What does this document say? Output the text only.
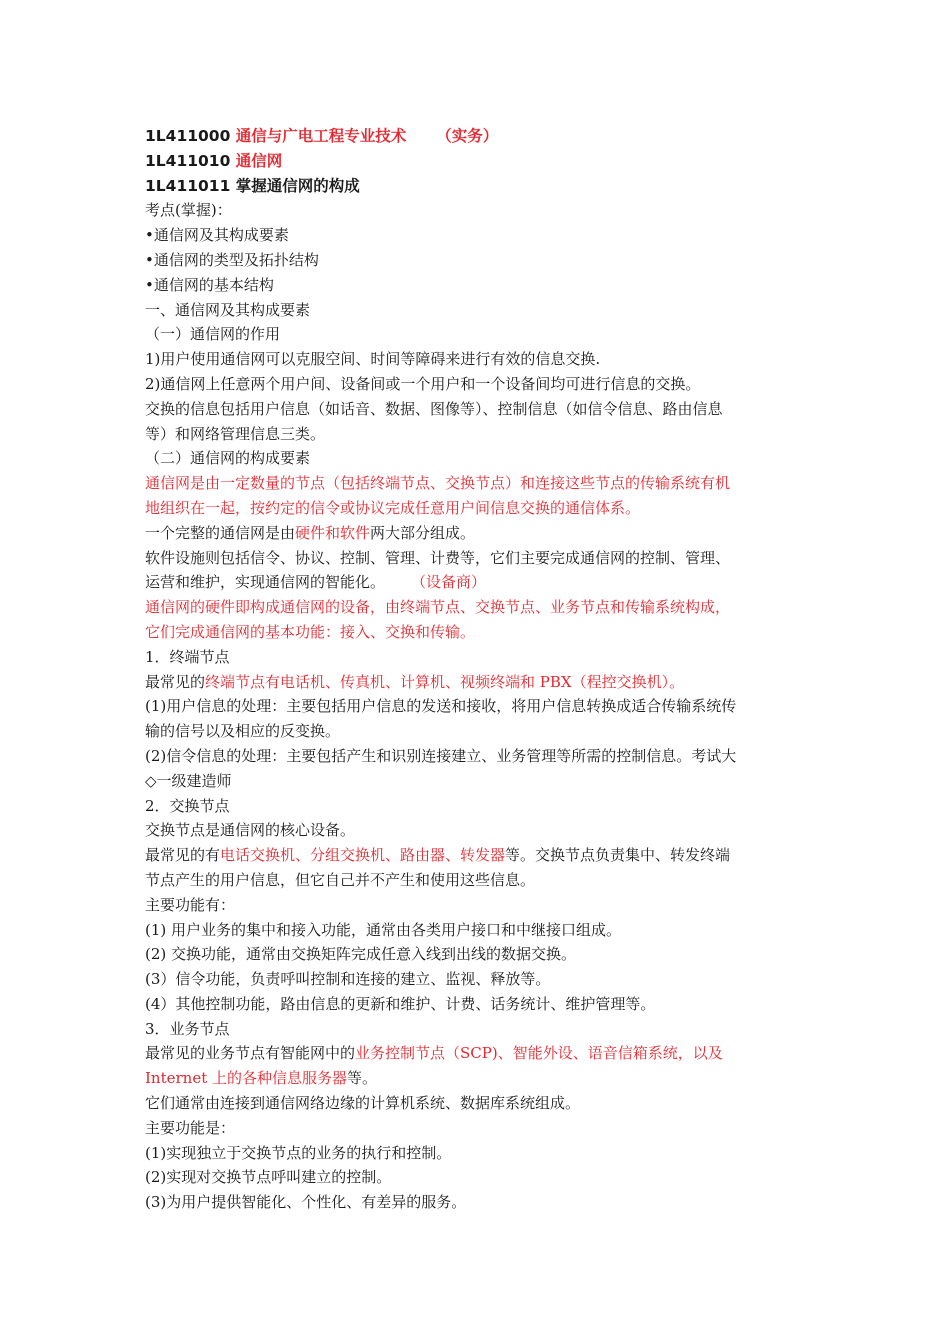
1L411000 通信与广电工程专业技术 （实务）
1L411010 通信网
1L411011 掌握通信网的构成
考点(掌握)：
•通信网及其构成要素
•通信网的类型及拓扑结构
•通信网的基本结构
一、通信网及其构成要素
（一）通信网的作用
1)用户使用通信网可以克服空间、时间等障碍来进行有效的信息交换.
2)通信网上任意两个用户间、设备间或一个用户和一个设备间均可进行信息的交换。
交换的信息包括用户信息（如话音、数据、图像等）、控制信息（如信令信息、路由信息
等）和网络管理信息三类。
（二）通信网的构成要素
通信网是由一定数量的节点（包括终端节点、交换节点）和连接这些节点的传输系统有机
地组织在一起，按约定的信令或协议完成任意用户间信息交换的通信体系。
一个完整的通信网是由硬件和软件两大部分组成。
软件设施则包括信令、协议、控制、管理、计费等，它们主要完成通信网的控制、管理、
运营和维护，实现通信网的智能化。 （设备商）
通信网的硬件即构成通信网的设备，由终端节点、交换节点、业务节点和传输系统构成，
它们完成通信网的基本功能：接入、交换和传输。
1．终端节点
最常见的终端节点有电话机、传真机、计算机、视频终端和 PBX（程控交换机）。
(1)用户信息的处理：主要包括用户信息的发送和接收，将用户信息转换成适合传输系统传
输的信号以及相应的反变换。
(2)信令信息的处理：主要包括产生和识别连接建立、业务管理等所需的控制信息。考试大
◇一级建造师
2．交换节点
交换节点是通信网的核心设备。
最常见的有电话交换机、分组交换机、路由器、转发器等。交换节点负责集中、转发终端
节点产生的用户信息，但它自己并不产生和使用这些信息。
主要功能有：
(1) 用户业务的集中和接入功能，通常由各类用户接口和中继接口组成。
(2) 交换功能，通常由交换矩阵完成任意入线到出线的数据交换。
(3）信令功能，负责呼叫控制和连接的建立、监视、释放等。
(4）其他控制功能，路由信息的更新和维护、计费、话务统计、维护管理等。
3．业务节点
最常见的业务节点有智能网中的业务控制节点（SCP)、智能外设、语音信箱系统，以及
Internet 上的各种信息服务器等。
它们通常由连接到通信网络边缘的计算机系统、数据库系统组成。
主要功能是：
(1)实现独立于交换节点的业务的执行和控制。
(2)实现对交换节点呼叫建立的控制。
(3)为用户提供智能化、个性化、有差异的服务。
